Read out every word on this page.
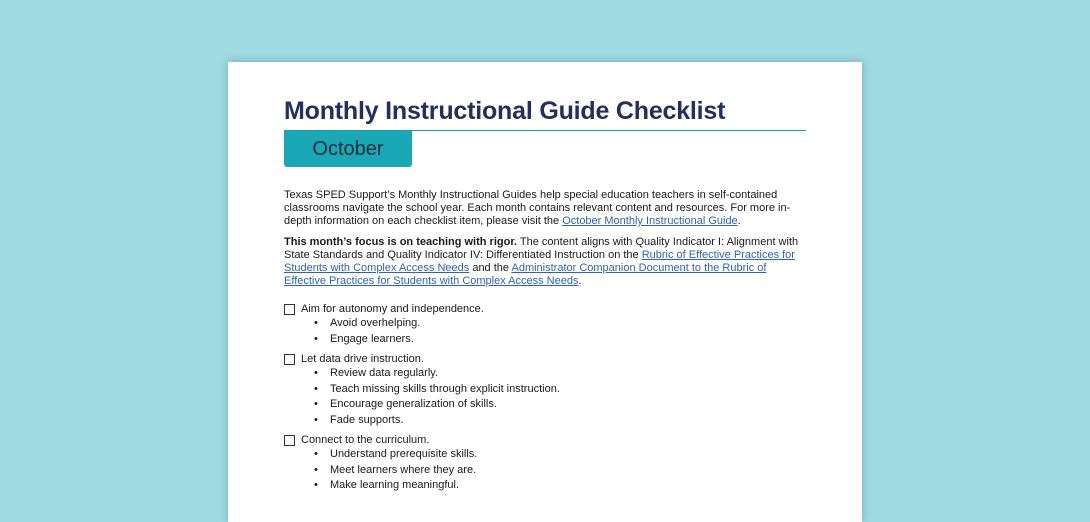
Monthly Instructional Guide Checklist
October

Texas SPED Support’s Monthly Instructional Guides help special education teachers in self-contained classrooms navigate the school year. Each month contains relevant content and resources. For more in-depth information on each checklist item, please visit the October Monthly Instructional Guide.

This month’s focus is on teaching with rigor. The content aligns with Quality Indicator I: Alignment with State Standards and Quality Indicator IV: Differentiated Instruction on the Rubric of Effective Practices for Students with Complex Access Needs and the Administrator Companion Document to the Rubric of Effective Practices for Students with Complex Access Needs.

Aim for autonomy and independence.
•	Avoid overhelping.
•	Engage learners.
Let data drive instruction.
•	Review data regularly.
•	Teach missing skills through explicit instruction.
•	Encourage generalization of skills.
•	Fade supports.
Connect to the curriculum.
•	Understand prerequisite skills.
•	Meet learners where they are.
•	Make learning meaningful.
